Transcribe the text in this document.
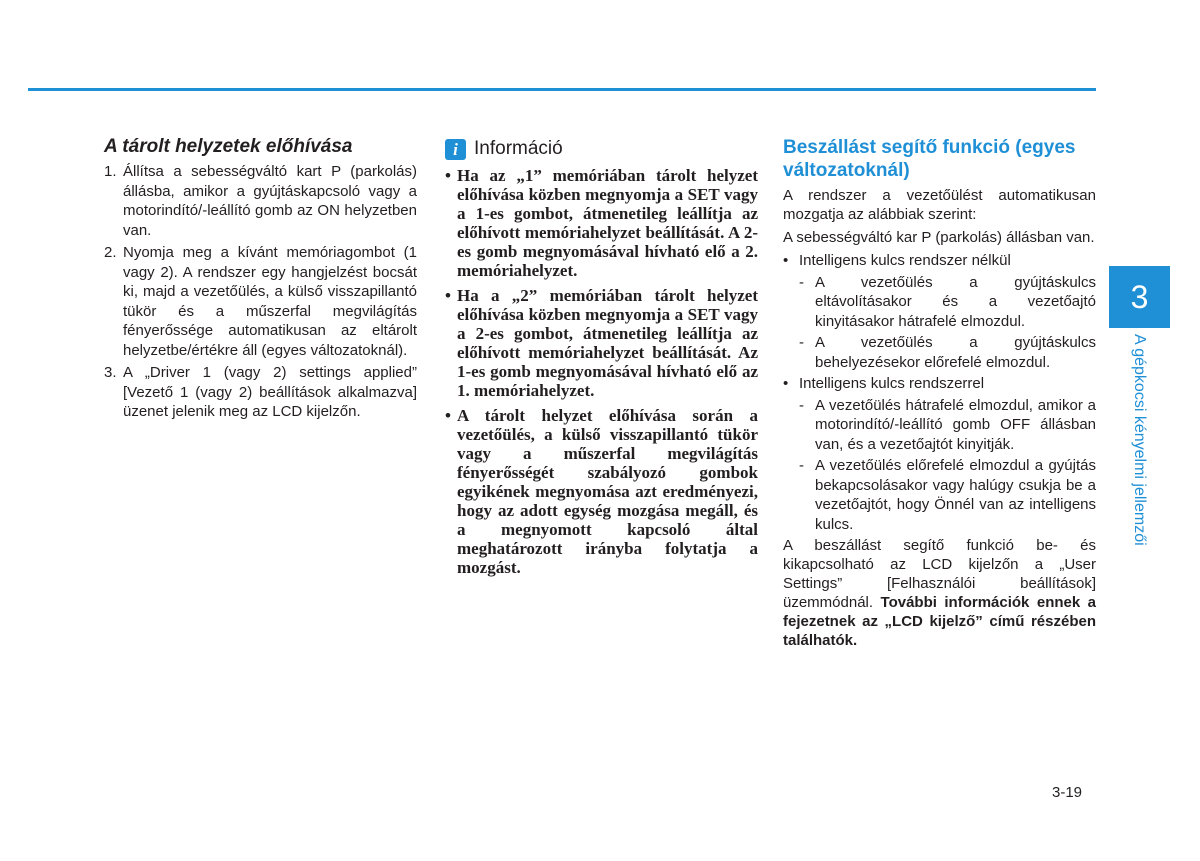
A tárolt helyzetek előhívása
1. Állítsa a sebességváltó kart P (parkolás) állásba, amikor a gyújtáskapcsoló vagy a motorindító/-leállító gomb az ON helyzetben van.
2. Nyomja meg a kívánt memóriagombot (1 vagy 2). A rendszer egy hangjelzést bocsát ki, majd a vezetőülés, a külső visszapillantó tükör és a műszerfal megvilágítás fényerőssége automatikusan az eltárolt helyzetbe/értékre áll (egyes változatoknál).
3. A „Driver 1 (vagy 2) settings applied” [Vezető 1 (vagy 2) beállítások alkalmazva] üzenet jelenik meg az LCD kijelzőn.
i Információ
• Ha az „1” memóriában tárolt helyzet előhívása közben megnyomja a SET vagy a 1-es gombot, átmenetileg leállítja az előhívott memóriahelyzet beállítását. A 2-es gomb megnyomásával hívható elő a 2. memóriahelyzet.
• Ha a „2” memóriában tárolt helyzet előhívása közben megnyomja a SET vagy a 2-es gombot, átmenetileg leállítja az előhívott memóriahelyzet beállítását. Az 1-es gomb megnyomásával hívható elő az 1. memóriahelyzet.
• A tárolt helyzet előhívása során a vezetőülés, a külső visszapillantó tükör vagy a műszerfal megvilágítás fényerősségét szabályozó gombok egyikének megnyomása azt eredményezi, hogy az adott egység mozgása megáll, és a megnyomott kapcsoló által meghatározott irányba folytatja a mozgást.
Beszállást segítő funkció (egyes változatoknál)

A rendszer a vezetőülést automatikusan mozgatja az alábbiak szerint:

A sebességváltó kar P (parkolás) állásban van.

• Intelligens kulcs rendszer nélkül
- A vezetőülés a gyújtáskulcs eltávolításakor és a vezetőajtó kinyitásakor hátrafelé elmozdul.
- A vezetőülés a gyújtáskulcs behelyezésekor előrefelé elmozdul.
• Intelligens kulcs rendszerrel
- A vezetőülés hátrafelé elmozdul, amikor a motorindító/-leállító gomb OFF állásban van, és a vezetőajtót kinyitják.
- A vezetőülés előrefelé elmozdul a gyújtás bekapcsolásakor vagy halúgy csukja be a vezetőajtót, hogy Önnél van az intelligens kulcs.

A beszállást segítő funkció be- és kikapcsolható az LCD kijelzőn a „User Settings” [Felhasználói beállítások] üzemmódnál. További információk ennek a fejezetnek az „LCD kijelző” című részében találhatók.

3
A gépkocsi kényelmi jellemzői
3-19
